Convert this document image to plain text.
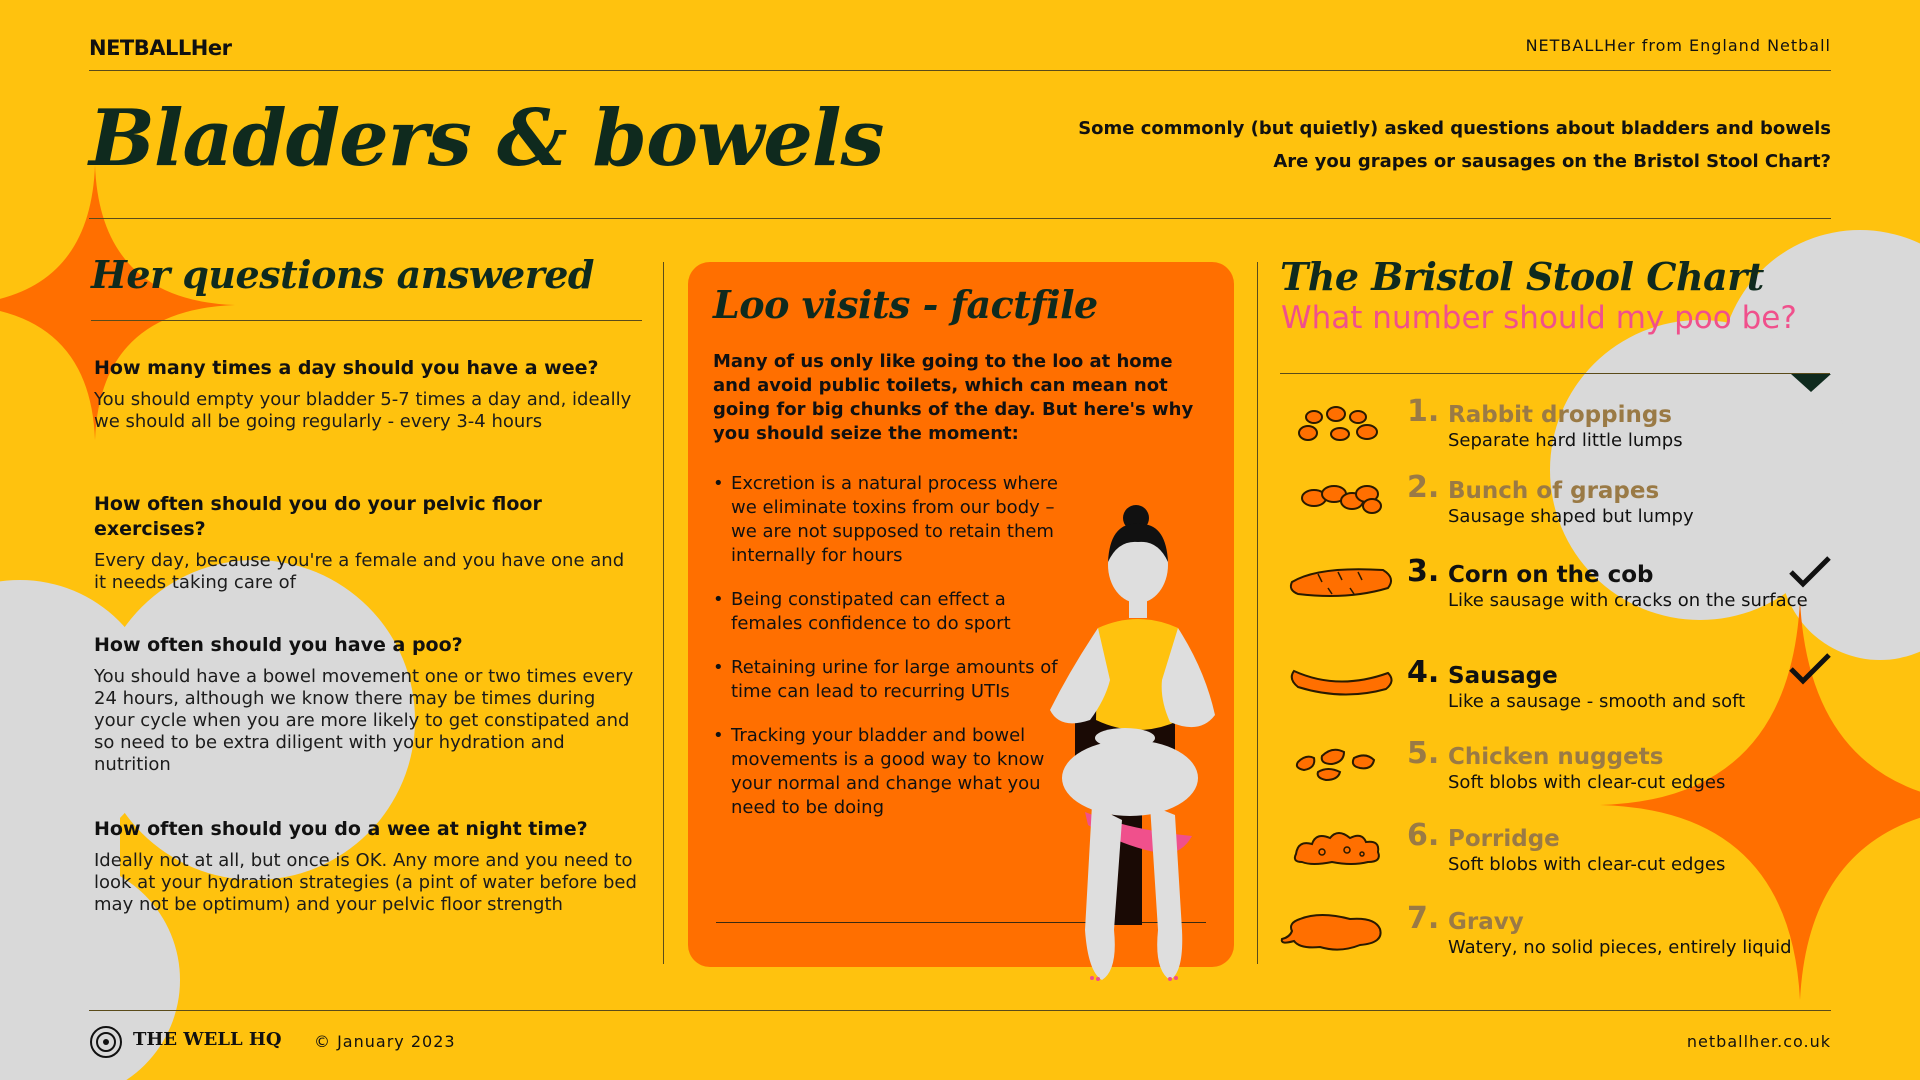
NETBALLHer	NETBALLHer from England Netball
Bladders & bowels	Some commonly (but quietly) asked questions about bladders and bowels
Are you grapes or sausages on the Bristol Stool Chart?
Her questions answered
How many times a day should you have a wee?

You should empty your bladder 5-7 times a day and, ideally we should all be going regularly - every 3-4 hours

How often should you do your pelvic floor exercises?

Every day, because you're a female and you have one and it needs taking care of

How often should you have a poo?

You should have a bowel movement one or two times every 24 hours, although we know there may be times during your cycle when you are more likely to get constipated and so need to be extra diligent with your hydration and nutrition

How often should you do a wee at night time?

Ideally not at all, but once is OK. Any more and you need to look at your hydration strategies (a pint of water before bed may not be optimum) and your pelvic floor strength

Loo visits - factfile
Many of us only like going to the loo at home and avoid public toilets, which can mean not going for big chunks of the day. But here's why you should seize the moment:
• Excretion is a natural process where we eliminate toxins from our body – we are not supposed to retain them internally for hours
• Being constipated can effect a females confidence to do sport
• Retaining urine for large amounts of time can lead to recurring UTIs
• Tracking your bladder and bowel movements is a good way to know your normal and change what you need to be doing
The Bristol Stool Chart
What number should my poo be?
1. Rabbit droppings
Separate hard little lumps
2. Bunch of grapes
Sausage shaped but lumpy
3. Corn on the cob
Like sausage with cracks on the surface
4. Sausage
Like a sausage - smooth and soft
5. Chicken nuggets
Soft blobs with clear-cut edges
6. Porridge
Soft blobs with clear-cut edges
7. Gravy
Watery, no solid pieces, entirely liquid
THE WELL HQ © January 2023	netballher.co.uk
